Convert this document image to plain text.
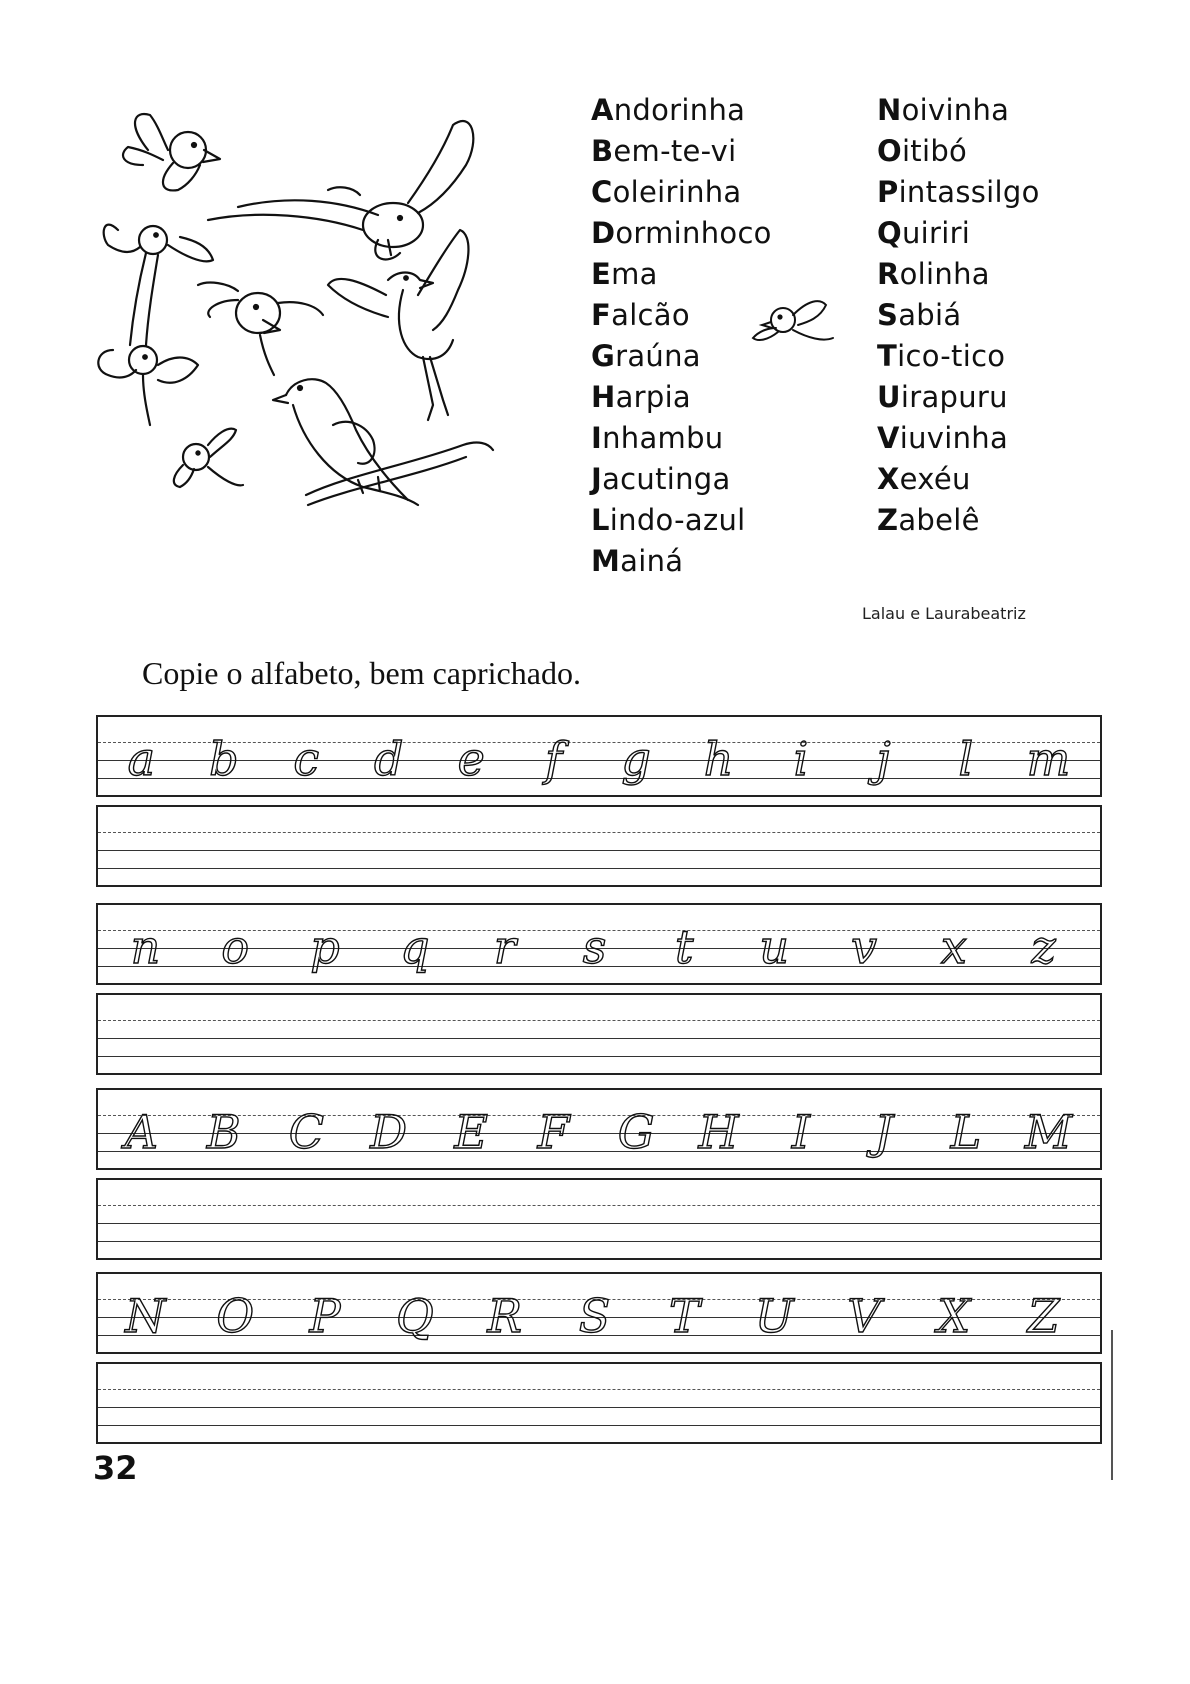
Andorinha
Bem-te-vi
Coleirinha
Dorminhoco
Ema
Falcão
Graúna
Harpia
Inhambu
Jacutinga
Lindo-azul
Mainá
Noivinha
Oitibó
Pintassilgo
Quiriri
Rolinha
Sabiá
Tico-tico
Uirapuru
Viuvinha
Xexéu
Zabelê
Lalau e Laurabeatriz
Copie o alfabeto, bem caprichado.
a b c d e f g h i j l m
n o p q r s t u v x z
A B C D E F G H I J L M
N O P Q R S T U V X Z
32
